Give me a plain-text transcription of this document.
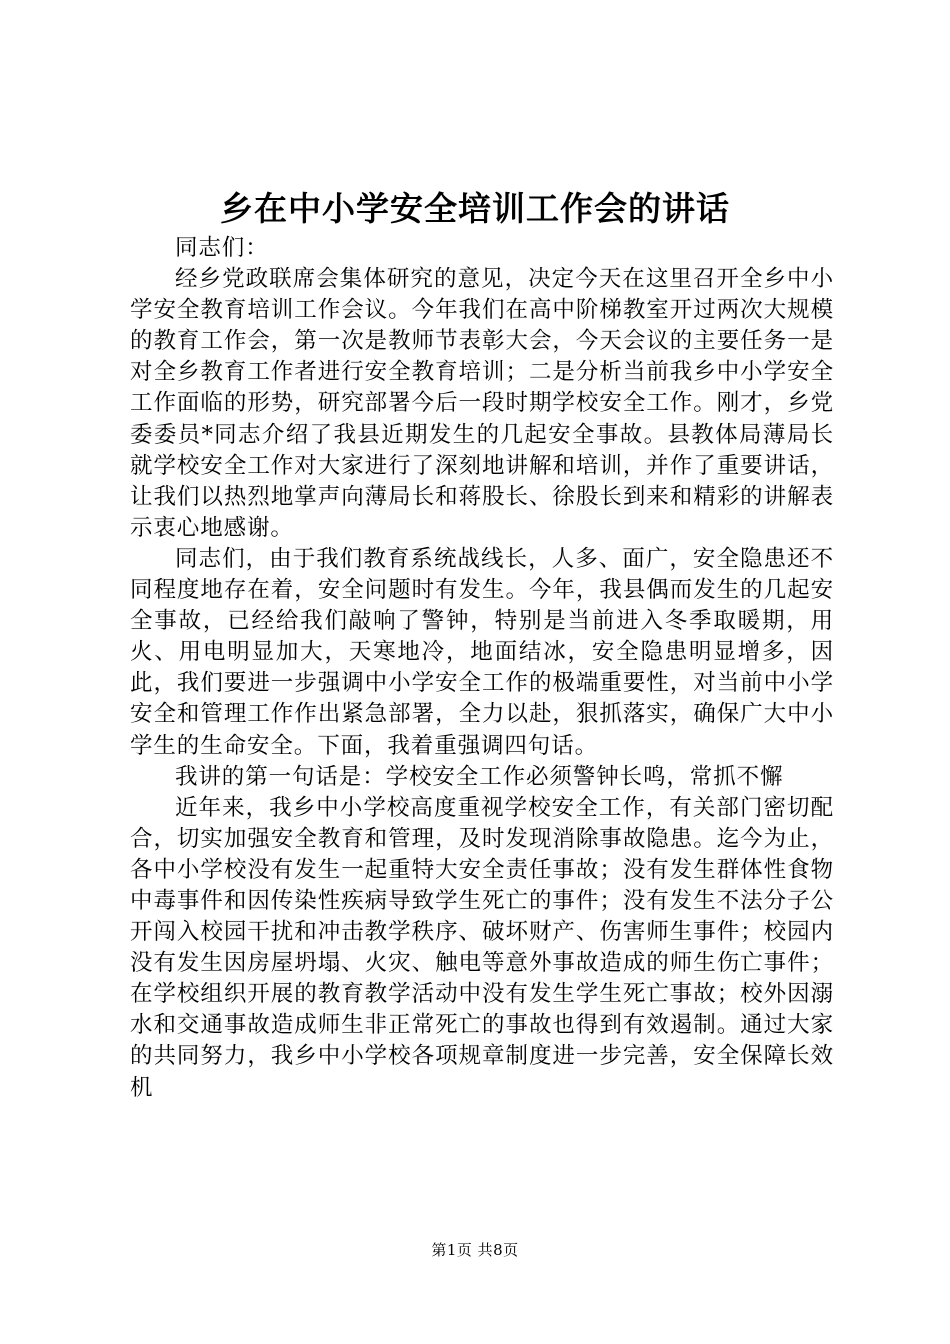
乡在中小学安全培训工作会的讲话

同志们：

经乡党政联席会集体研究的意见，决定今天在这里召开全乡中小学安全教育培训工作会议。今年我们在高中阶梯教室开过两次大规模的教育工作会，第一次是教师节表彰大会，今天会议的主要任务一是对全乡教育工作者进行安全教育培训；二是分析当前我乡中小学安全工作面临的形势，研究部署今后一段时期学校安全工作。刚才，乡党委委员*同志介绍了我县近期发生的几起安全事故。县教体局薄局长就学校安全工作对大家进行了深刻地讲解和培训，并作了重要讲话，让我们以热烈地掌声向薄局长和蒋股长、徐股长到来和精彩的讲解表示衷心地感谢。

同志们，由于我们教育系统战线长，人多、面广，安全隐患还不同程度地存在着，安全问题时有发生。今年，我县偶而发生的几起安全事故，已经给我们敲响了警钟，特别是当前进入冬季取暖期，用火、用电明显加大，天寒地冷，地面结冰，安全隐患明显增多，因此，我们要进一步强调中小学安全工作的极端重要性，对当前中小学安全和管理工作作出紧急部署，全力以赴，狠抓落实，确保广大中小学生的生命安全。下面，我着重强调四句话。

我讲的第一句话是：学校安全工作必须警钟长鸣，常抓不懈

近年来，我乡中小学校高度重视学校安全工作，有关部门密切配合，切实加强安全教育和管理，及时发现消除事故隐患。迄今为止，各中小学校没有发生一起重特大安全责任事故；没有发生群体性食物中毒事件和因传染性疾病导致学生死亡的事件；没有发生不法分子公开闯入校园干扰和冲击教学秩序、破坏财产、伤害师生事件；校园内没有发生因房屋坍塌、火灾、触电等意外事故造成的师生伤亡事件；在学校组织开展的教育教学活动中没有发生学生死亡事故；校外因溺水和交通事故造成师生非正常死亡的事故也得到有效遏制。通过大家的共同努力，我乡中小学校各项规章制度进一步完善，安全保障长效机

第1页 共8页
